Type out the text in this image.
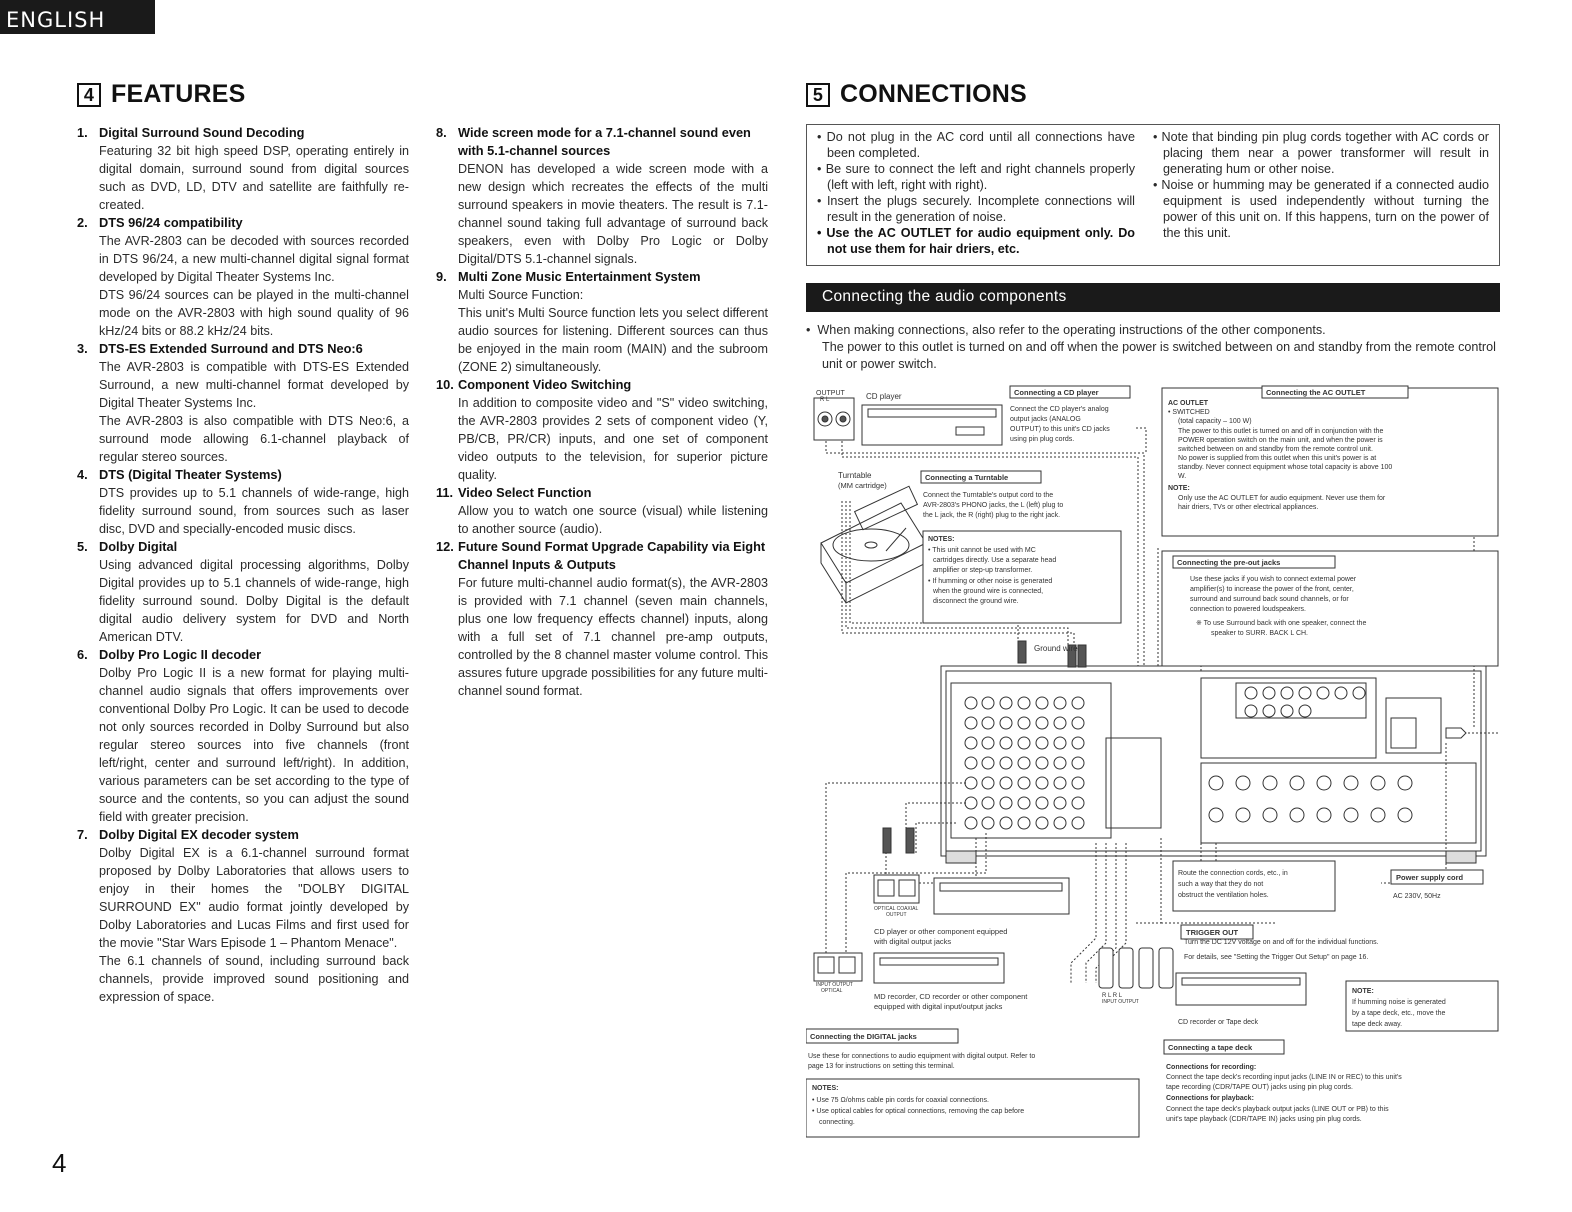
ENGLISH
4 FEATURES
1. Digital Surround Sound Decoding

Featuring 32 bit high speed DSP, operating entirely in digital domain, surround sound from digital sources such as DVD, LD, DTV and satellite are faithfully re-created.

2. DTS 96/24 compatibility

The AVR-2803 can be decoded with sources recorded in DTS 96/24, a new multi-channel digital signal format developed by Digital Theater Systems Inc.

DTS 96/24 sources can be played in the multi-channel mode on the AVR-2803 with high sound quality of 96 kHz/24 bits or 88.2 kHz/24 bits.

3. DTS-ES Extended Surround and DTS Neo:6

The AVR-2803 is compatible with DTS-ES Extended Surround, a new multi-channel format developed by Digital Theater Systems Inc.

The AVR-2803 is also compatible with DTS Neo:6, a surround mode allowing 6.1-channel playback of regular stereo sources.

4. DTS (Digital Theater Systems)

DTS provides up to 5.1 channels of wide-range, high fidelity surround sound, from sources such as laser disc, DVD and specially-encoded music discs.

5. Dolby Digital

Using advanced digital processing algorithms, Dolby Digital provides up to 5.1 channels of wide-range, high fidelity surround sound. Dolby Digital is the default digital audio delivery system for DVD and North American DTV.

6. Dolby Pro Logic II decoder

Dolby Pro Logic II is a new format for playing multi-channel audio signals that offers improvements over conventional Dolby Pro Logic. It can be used to decode not only sources recorded in Dolby Surround but also regular stereo sources into five channels (front left/right, center and surround left/right). In addition, various parameters can be set according to the type of source and the contents, so you can adjust the sound field with greater precision.

7. Dolby Digital EX decoder system

Dolby Digital EX is a 6.1-channel surround format proposed by Dolby Laboratories that allows users to enjoy in their homes the "DOLBY DIGITAL SURROUND EX" audio format jointly developed by Dolby Laboratories and Lucas Films and first used for the movie "Star Wars Episode 1 – Phantom Menace".

The 6.1 channels of sound, including surround back channels, provide improved sound positioning and expression of space.

8. Wide screen mode for a 7.1-channel sound even with 5.1-channel sources

DENON has developed a wide screen mode with a new design which recreates the effects of the multi surround speakers in movie theaters. The result is 7.1-channel sound taking full advantage of surround back speakers, even with Dolby Pro Logic or Dolby Digital/DTS 5.1-channel signals.

9. Multi Zone Music Entertainment System

Multi Source Function:

This unit's Multi Source function lets you select different audio sources for listening. Different sources can thus be enjoyed in the main room (MAIN) and the subroom (ZONE 2) simultaneously.

10. Component Video Switching

In addition to composite video and "S" video switching, the AVR-2803 provides 2 sets of component video (Y, PB/CB, PR/CR) inputs, and one set of component video outputs to the television, for superior picture quality.

11. Video Select Function

Allow you to watch one source (visual) while listening to another source (audio).

12. Future Sound Format Upgrade Capability via Eight Channel Inputs & Outputs

For future multi-channel audio format(s), the AVR-2803 is provided with 7.1 channel (seven main channels, plus one low frequency effects channel) inputs, along with a full set of 7.1 channel pre-amp outputs, controlled by the 8 channel master volume control. This assures future upgrade possibilities for any future multi-channel sound format.

5 CONNECTIONS
• Do not plug in the AC cord until all connections have been completed.
• Be sure to connect the left and right channels properly (left with left, right with right).
• Insert the plugs securely. Incomplete connections will result in the generation of noise.
• Use the AC OUTLET for audio equipment only. Do not use them for hair driers, etc.
• Note that binding pin plug cords together with AC cords or placing them near a power transformer will result in generating hum or other noise.
• Noise or humming may be generated if a connected audio equipment is used independently without turning the power of this unit on. If this happens, turn on the power of the this unit.
Connecting the audio components
•  When making connections, also refer to the operating instructions of the other components.
The power to this outlet is turned on and off when the power is switched between on and standby from the remote control unit or power switch.
OUTPUT
R L	CD player	Connecting a CD player
Connect the CD player's analog
output jacks (ANALOG
OUTPUT) to this unit's CD jacks
using pin plug cords.
Turntable
(MM cartridge)
Connecting a Turntable
Connect the Turntable's output cord to the
AVR-2803's PHONO jacks, the L (left) plug to
the L jack, the R (right) plug to the right jack.
NOTES:
• This unit cannot be used with MC
cartridges directly. Use a separate head
amplifier or step-up transformer.
• If humming or other noise is generated
when the ground wire is connected,
disconnect the ground wire.
Ground wire
Connecting the AC OUTLET
AC OUTLET
• SWITCHED
(total capacity – 100 W)
The power to this outlet is turned on and off in conjunction with the
POWER operation switch on the main unit, and when the power is
switched between on and standby from the remote control unit.
No power is supplied from this outlet when this unit's power is at
standby. Never connect equipment whose total capacity is above 100
W.
NOTE:
Only use the AC OUTLET for audio equipment. Never use them for
hair driers, TVs or other electrical appliances.
Connecting the pre-out jacks
Use these jacks if you wish to connect external power
amplifier(s) to increase the power of the front, center,
surround and surround back sound channels, or for
connection to powered loudspeakers.
※ To use Surround back with one speaker, connect the
speaker to SURR. BACK L CH.
Route the connection cords, etc., in
such a way that they do not
obstruct the ventilation holes.
Power supply cord
AC 230V, 50Hz
OPTICAL COAXIAL
OUTPUT
CD player or other component equipped
with digital output jacks
INPUT OUTPUT
OPTICAL
MD recorder, CD recorder or other component
equipped with digital input/output jacks
R L R L
INPUT OUTPUT
TRIGGER OUT
Turn the DC 12V voltage on and off for the individual functions.
For details, see "Setting the Trigger Out Setup" on page 16.
CD recorder or Tape deck
NOTE:
If humming noise is generated
by a tape deck, etc., move the
tape deck away.
Connecting the DIGITAL jacks
Use these for connections to audio equipment with digital output. Refer to
page 13 for instructions on setting this terminal.
NOTES:
• Use 75 Ω/ohms cable pin cords for coaxial connections.
• Use optical cables for optical connections, removing the cap before
connecting.
Connecting a tape deck
Connections for recording:
Connect the tape deck's recording input jacks (LINE IN or REC) to this unit's
tape recording (CDR/TAPE OUT) jacks using pin plug cords.
Connections for playback:
Connect the tape deck's playback output jacks (LINE OUT or PB) to this
unit's tape playback (CDR/TAPE IN) jacks using pin plug cords.
4
